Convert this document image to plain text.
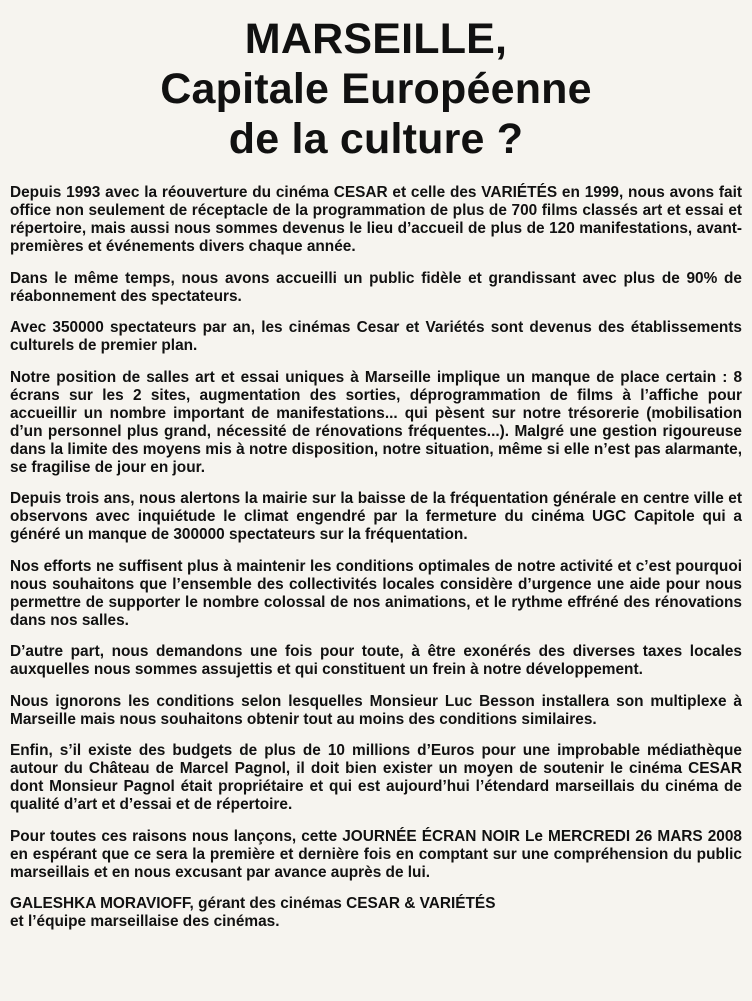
MARSEILLE,
Capitale Européenne
de la culture ?

Depuis 1993 avec la réouverture du cinéma CESAR et celle des VARIÉTÉS en 1999, nous avons fait office non seulement de réceptacle de la programmation de plus de 700 films classés art et essai et répertoire, mais aussi nous sommes devenus le lieu d’accueil de plus de 120 manifestations, avant-premières et événements divers chaque année.

Dans le même temps, nous avons accueilli un public fidèle et grandissant avec plus de 90% de réabonnement des spectateurs.

Avec 350000 spectateurs par an, les cinémas Cesar et Variétés sont devenus des établissements culturels de premier plan.

Notre position de salles art et essai uniques à Marseille implique un manque de place certain : 8 écrans sur les 2 sites, augmentation des sorties, déprogrammation de films à l’affiche pour accueillir un nombre important de manifestations... qui pèsent sur notre trésorerie (mobilisation d’un personnel plus grand, nécessité de rénovations fréquentes...). Malgré une gestion rigoureuse dans la limite des moyens mis à notre disposition, notre situation, même si elle n’est pas alarmante, se fragilise de jour en jour.

Depuis trois ans, nous alertons la mairie sur la baisse de la fréquentation générale en centre ville et observons avec inquiétude le climat engendré par la fermeture du cinéma UGC Capitole qui a généré un manque de 300000 spectateurs sur la fréquentation.

Nos efforts ne suffisent plus à maintenir les conditions optimales de notre activité et c’est pourquoi nous souhaitons que l’ensemble des collectivités locales considère d’urgence une aide pour nous permettre de supporter le nombre colossal de nos animations, et le rythme effréné des rénovations dans nos salles.

D’autre part, nous demandons une fois pour toute, à être exonérés des diverses taxes locales auxquelles nous sommes assujettis et qui constituent un frein à notre développement.

Nous ignorons les conditions selon lesquelles Monsieur Luc Besson installera son multiplexe à Marseille mais nous souhaitons obtenir tout au moins des conditions similaires.

Enfin, s’il existe des budgets de plus de 10 millions d’Euros pour une improbable médiathèque autour du Château de Marcel Pagnol, il doit bien exister un moyen de soutenir le cinéma CESAR dont Monsieur Pagnol était propriétaire et qui est aujourd’hui l’étendard marseillais du cinéma de qualité d’art et d’essai et de répertoire.

Pour toutes ces raisons nous lançons, cette JOURNÉE ÉCRAN NOIR Le MERCREDI 26 MARS 2008 en espérant que ce sera la première et dernière fois en comptant sur une compréhension du public marseillais et en nous excusant par avance auprès de lui.

GALESHKA MORAVIOFF, gérant des cinémas CESAR & VARIÉTÉS
et l’équipe marseillaise des cinémas.
